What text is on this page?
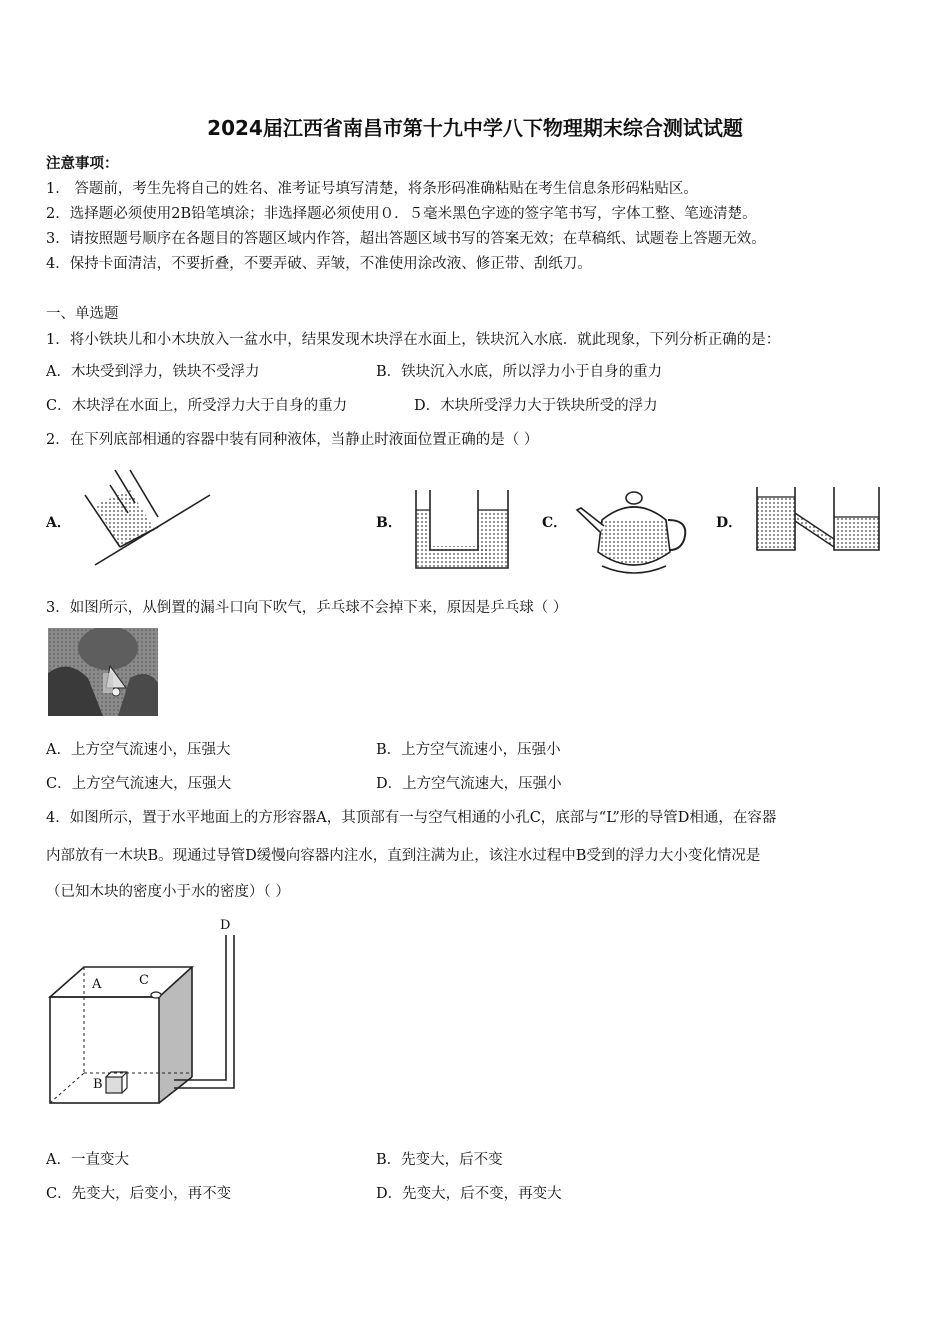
2024届江西省南昌市第十九中学八下物理期末综合测试试题
注意事项：
1． 答题前，考生先将自己的姓名、准考证号填写清楚，将条形码准确粘贴在考生信息条形码粘贴区。
2．选择题必须使用2B铅笔填涂；非选择题必须使用０．５毫米黑色字迹的签字笔书写，字体工整、笔迹清楚。
3．请按照题号顺序在各题目的答题区域内作答，超出答题区域书写的答案无效；在草稿纸、试题卷上答题无效。
4．保持卡面清洁，不要折叠，不要弄破、弄皱，不准使用涂改液、修正带、刮纸刀。
一、单选题
1．将小铁块儿和小木块放入一盆水中，结果发现木块浮在水面上，铁块沉入水底．就此现象，下列分析正确的是：
A．木块受到浮力，铁块不受浮力	B．铁块沉入水底，所以浮力小于自身的重力
C．木块浮在水面上，所受浮力大于自身的重力	D．木块所受浮力大于铁块所受的浮力
2．在下列底部相通的容器中装有同种液体，当静止时液面位置正确的是（ ）
A．	B．	C．	D．
3．如图所示，从倒置的漏斗口向下吹气，乒乓球不会掉下来，原因是乒乓球（ ）
A．上方空气流速小，压强大	B．上方空气流速小，压强小
C．上方空气流速大，压强大	D．上方空气流速大，压强小
4．如图所示，置于水平地面上的方形容器A，其顶部有一与空气相通的小孔C，底部与“L”形的导管D相通，在容器
内部放有一木块B。现通过导管D缓慢向容器内注水，直到注满为止，该注水过程中B受到的浮力大小变化情况是
（已知木块的密度小于水的密度）（ ）
A
B
C
D
A．一直变大	B．先变大，后不变
C．先变大，后变小，再不变	D．先变大，后不变，再变大
